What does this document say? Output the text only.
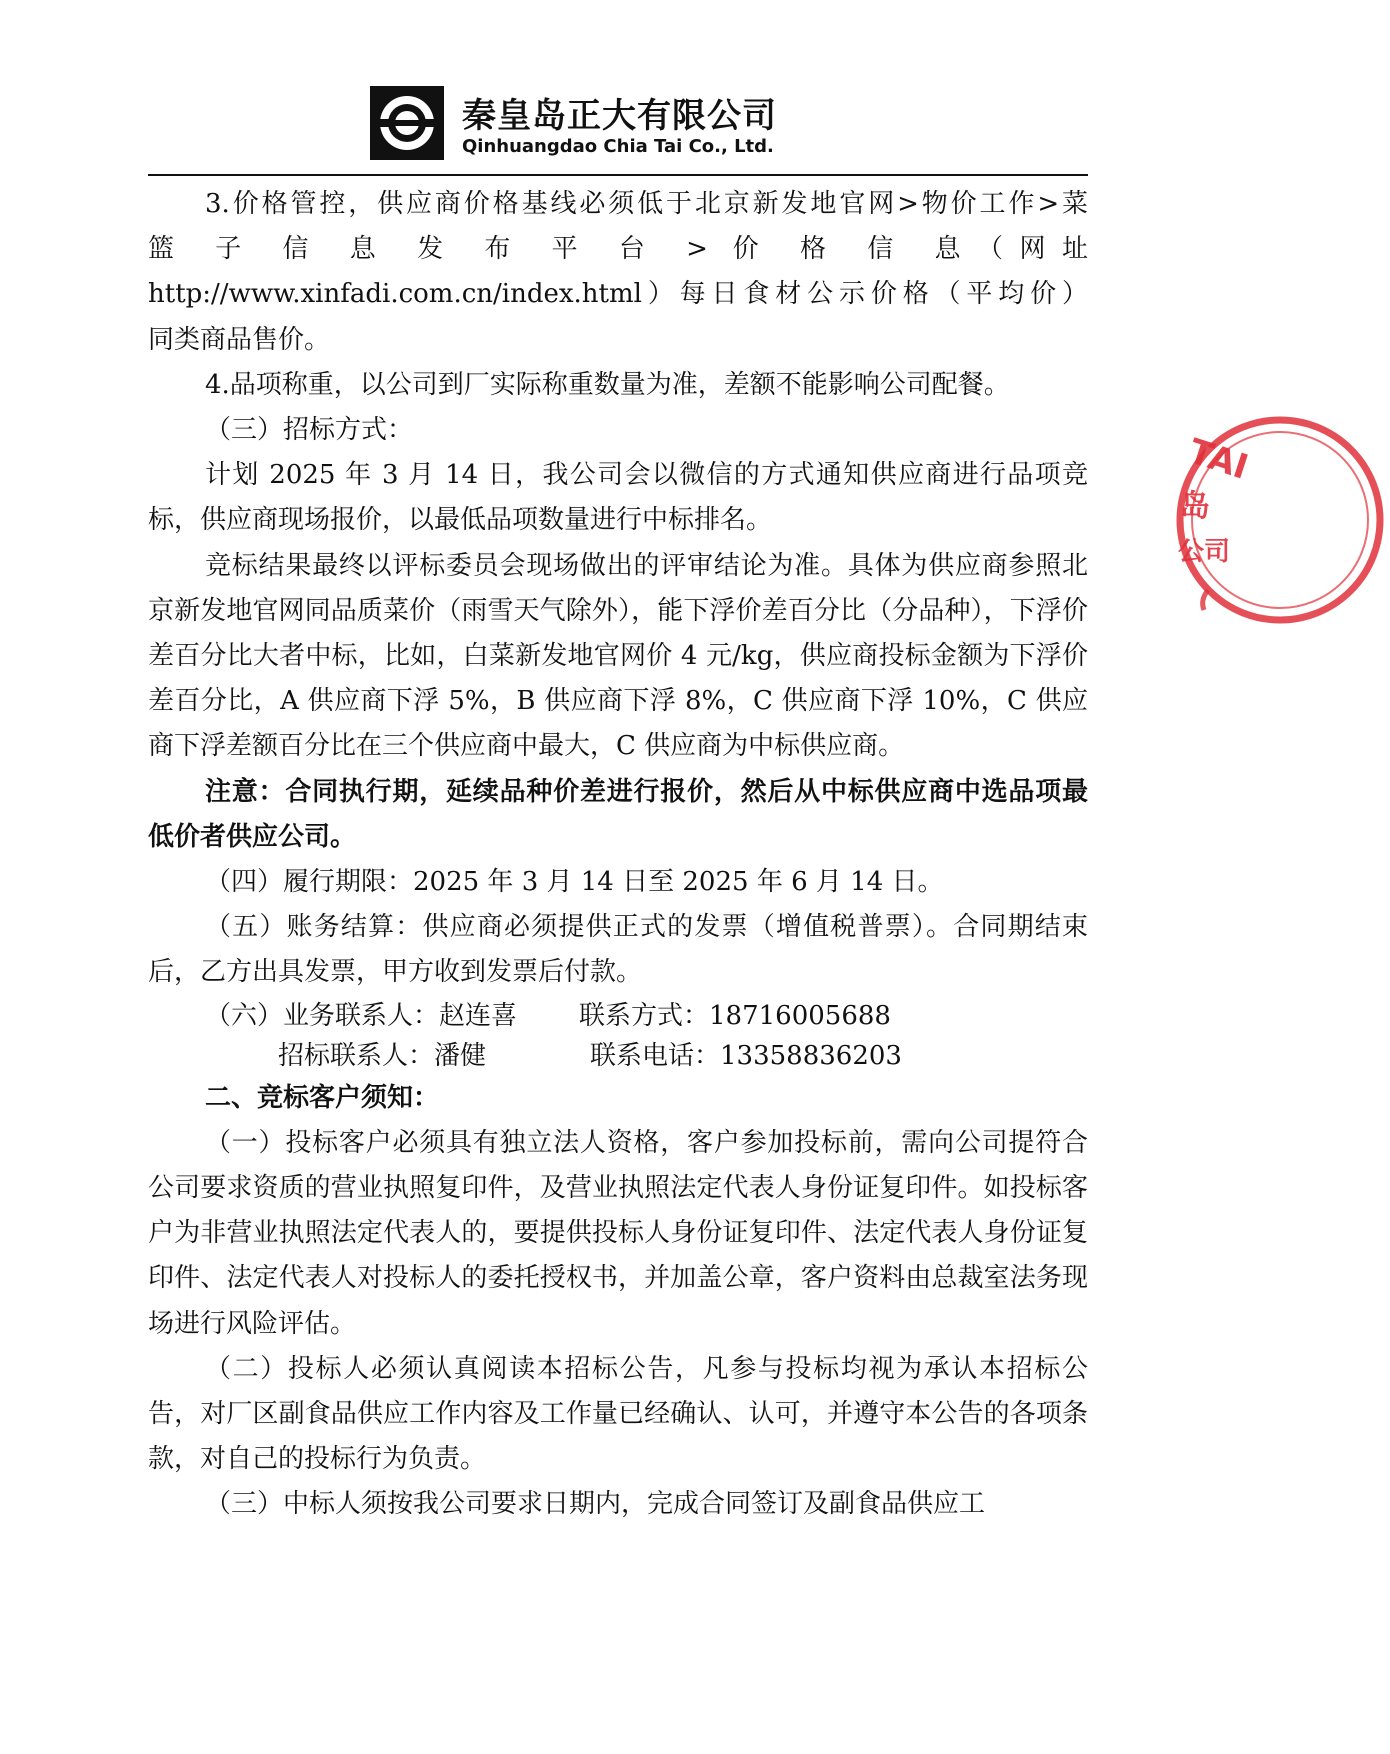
秦皇岛正大有限公司
Qinhuangdao Chia Tai Co., Ltd.

3.价格管控，供应商价格基线必须低于北京新发地官网>物价工作>菜

篮 子 信 息 发 布 平 台 > 价 格 信 息（网址

http://www.xinfadi.com.cn/index.html）每日食材公示价格（平均价）

同类商品售价。

4.品项称重，以公司到厂实际称重数量为准，差额不能影响公司配餐。

（三）招标方式：

计划 2025 年 3 月 14 日，我公司会以微信的方式通知供应商进行品项竞标，供应商现场报价，以最低品项数量进行中标排名。

竞标结果最终以评标委员会现场做出的评审结论为准。具体为供应商参照北京新发地官网同品质菜价（雨雪天气除外），能下浮价差百分比（分品种），下浮价差百分比大者中标，比如，白菜新发地官网价 4 元/kg，供应商投标金额为下浮价差百分比，A 供应商下浮 5%，B 供应商下浮 8%，C 供应商下浮 10%，C 供应商下浮差额百分比在三个供应商中最大，C 供应商为中标供应商。

注意：合同执行期，延续品种价差进行报价，然后从中标供应商中选品项最低价者供应公司。

（四）履行期限：2025 年 3 月 14 日至 2025 年 6 月 14 日。

（五）账务结算：供应商必须提供正式的发票（增值税普票）。合同期结束后，乙方出具发票，甲方收到发票后付款。

（六）业务联系人：赵连喜 联系方式：18716005688

招标联系人：潘健	联系电话：13358836203

二、竞标客户须知：

（一）投标客户必须具有独立法人资格，客户参加投标前，需向公司提符合公司要求资质的营业执照复印件，及营业执照法定代表人身份证复印件。如投标客户为非营业执照法定代表人的，要提供投标人身份证复印件、法定代表人身份证复印件、法定代表人对投标人的委托授权书，并加盖公章，客户资料由总裁室法务现场进行风险评估。

（二）投标人必须认真阅读本招标公告，凡参与投标均视为承认本招标公告，对厂区副食品供应工作内容及工作量已经确认、认可，并遵守本公告的各项条款，对自己的投标行为负责。

（三）中标人须按我公司要求日期内，完成合同签订及副食品供应工

TAI
岛
公司
